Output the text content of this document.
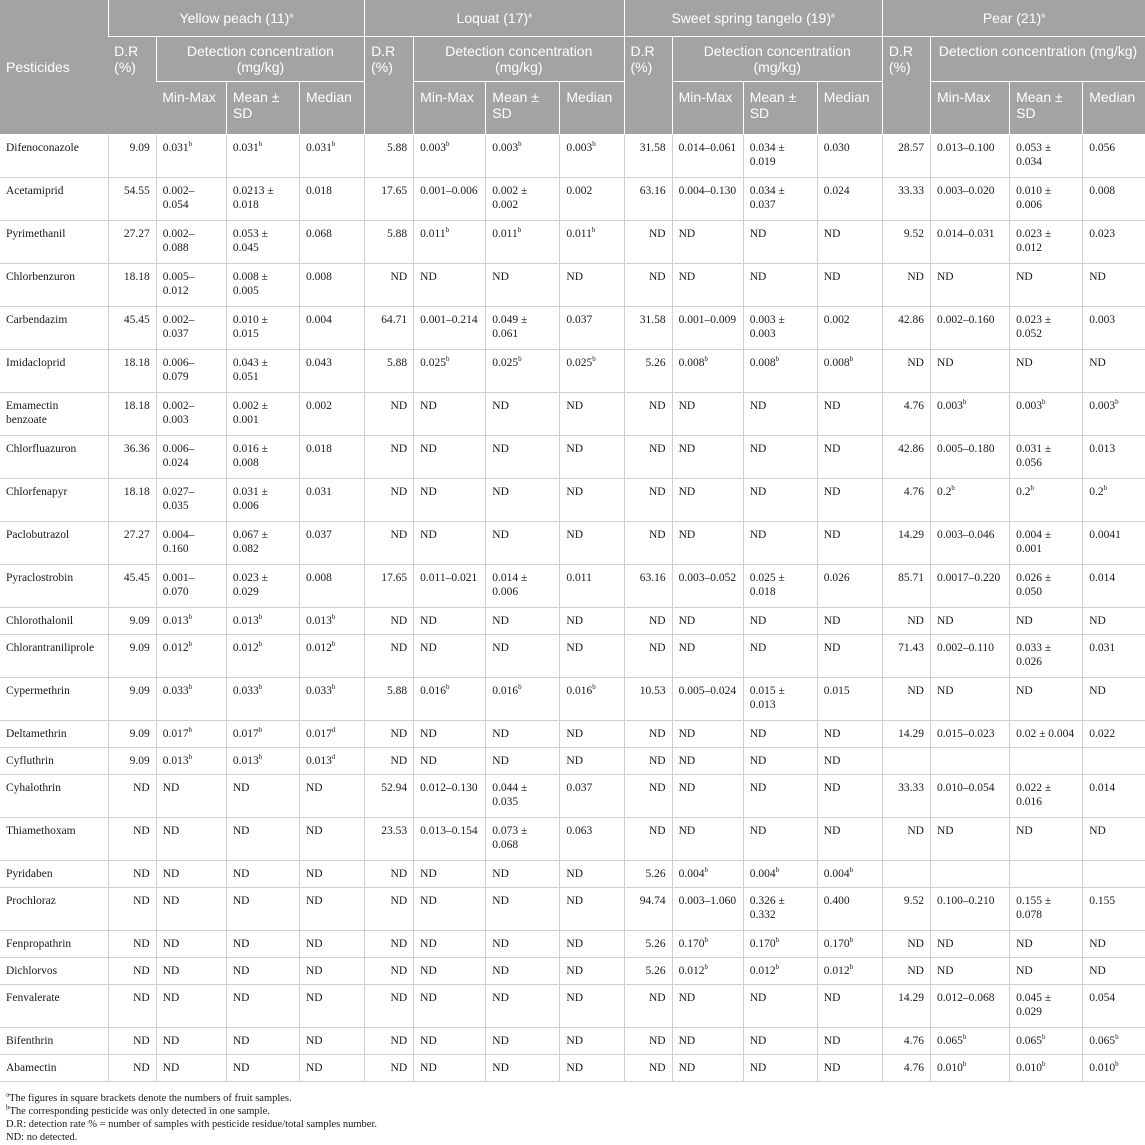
Pesticides	Yellow peach $(11)^a$				Loquat $(17)^a$				Sweet spring tangelo $(19)^a$				Pear $(21)^a$
	D.R (%)	Detection concentration (mg/kg)			D.R (%)	Detection concentration (mg/kg)			D.R (%)	Detection concentration (mg/kg)			D.R (%)	Detection concentration (mg/kg)		
		Min-Max	Mean ± SD	Median		Min-Max	Mean ± SD	Median		Min-Max	Mean ± SD	Median		Min-Max	Mean ± SD	Median
Difenoconazole	9.09	0.031$^b$	0.031$^b$	0.031$^b$	5.88	0.003$^b$	0.003$^b$	0.003$^b$	31.58	0.014–0.061	0.034 ± 0.019	0.030	28.57	0.013–0.100	0.053 ± 0.034	0.056
Acetamiprid	54.55	0.002–0.054	0.0213 ± 0.018	0.018	17.65	0.001–0.006	0.002 ± 0.002	0.002	63.16	0.004–0.130	0.034 ± 0.037	0.024	33.33	0.003–0.020	0.010 ± 0.006	0.008
Pyrimethanil	27.27	0.002–0.088	0.053 ± 0.045	0.068	5.88	0.011$^b$	0.011$^b$	0.011$^b$	ND	ND	ND	ND	9.52	0.014–0.031	0.023 ± 0.012	0.023
Chlorbenzuron	18.18	0.005–0.012	0.008 ± 0.005	0.008	ND	ND	ND	ND	ND	ND	ND	ND	ND	ND	ND	ND
Carbendazim	45.45	0.002–0.037	0.010 ± 0.015	0.004	64.71	0.001–0.214	0.049 ± 0.061	0.037	31.58	0.001–0.009	0.003 ± 0.003	0.002	42.86	0.002–0.160	0.023 ± 0.052	0.003
Imidacloprid	18.18	0.006–0.079	0.043 ± 0.051	0.043	5.88	0.025$^b$	0.025$^b$	0.025$^b$	5.26	0.008$^b$	0.008$^b$	0.008$^b$	ND	ND	ND	ND
Emamectin benzoate	18.18	0.002–0.003	0.002 ± 0.001	0.002	ND	ND	ND	ND	ND	ND	ND	ND	4.76	0.003$^b$	0.003$^b$	0.003$^b$
Chlorfluazuron	36.36	0.006–0.024	0.016 ± 0.008	0.018	ND	ND	ND	ND	ND	ND	ND	ND	42.86	0.005–0.180	0.031 ± 0.056	0.013
Chlorfenapyr	18.18	0.027–0.035	0.031 ± 0.006	0.031	ND	ND	ND	ND	ND	ND	ND	ND	4.76	0.2$^b$	0.2$^b$	0.2$^b$
Paclobutrazol	27.27	0.004–0.160	0.067 ± 0.082	0.037	ND	ND	ND	ND	ND	ND	ND	ND	14.29	0.003–0.046	0.004 ± 0.001	0.0041
Pyraclostrobin	45.45	0.001–0.070	0.023 ± 0.029	0.008	17.65	0.011–0.021	0.014 ± 0.006	0.011	63.16	0.003–0.052	0.025 ± 0.018	0.026	85.71	0.0017–0.220	0.026 ± 0.050	0.014
Chlorothalonil	9.09	0.013$^b$	0.013$^b$	0.013$^b$	ND	ND	ND	ND	ND	ND	ND	ND	ND	ND	ND	ND
Chlorantraniliprole	9.09	0.012$^b$	0.012$^b$	0.012$^b$	ND	ND	ND	ND	ND	ND	ND	ND	71.43	0.002–0.110	0.033 ± 0.026	0.031
Cypermethrin	9.09	0.033$^b$	0.033$^b$	0.033$^b$	5.88	0.016$^b$	0.016$^b$	0.016$^b$	10.53	0.005–0.024	0.015 ± 0.013	0.015	ND	ND	ND	ND
Deltamethrin	9.09	0.017$^b$	0.017$^b$	0.017$^d$	ND	ND	ND	ND	ND	ND	ND	ND	14.29	0.015–0.023	0.02 ± 0.004	0.022
Cyfluthrin	9.09	0.013$^b$	0.013$^b$	0.013$^d$	ND	ND	ND	ND	ND	ND	ND	ND				
Cyhalothrin	ND	ND	ND	ND	52.94	0.012–0.130	0.044 ± 0.035	0.037	ND	ND	ND	ND	33.33	0.010–0.054	0.022 ± 0.016	0.014
Thiamethoxam	ND	ND	ND	ND	23.53	0.013–0.154	0.073 ± 0.068	0.063	ND	ND	ND	ND	ND	ND	ND	ND
Pyridaben	ND	ND	ND	ND	ND	ND	ND	ND	5.26	0.004$^b$	0.004$^b$	0.004$^b$				
Prochloraz	ND	ND	ND	ND	ND	ND	ND	ND	94.74	0.003–1.060	0.326 ± 0.332	0.400	9.52	0.100–0.210	0.155 ± 0.078	0.155
Fenpropathrin	ND	ND	ND	ND	ND	ND	ND	ND	5.26	0.170$^b$	0.170$^b$	0.170$^b$	ND	ND	ND	ND
Dichlorvos	ND	ND	ND	ND	ND	ND	ND	ND	5.26	0.012$^b$	0.012$^b$	0.012$^b$	ND	ND	ND	ND
Fenvalerate	ND	ND	ND	ND	ND	ND	ND	ND	ND	ND	ND	ND	14.29	0.012–0.068	0.045 ± 0.029	0.054
Bifenthrin	ND	ND	ND	ND	ND	ND	ND	ND	ND	ND	ND	ND	4.76	0.065$^b$	0.065$^b$	0.065$^b$
Abamectin	ND	ND	ND	ND	ND	ND	ND	ND	ND	ND	ND	ND	4.76	0.010$^b$	0.010$^b$	0.010$^b$
$^a$The figures in square brackets denote the numbers of fruit samples.
$^b$The corresponding pesticide was only detected in one sample.
D.R: detection rate % = number of samples with pesticide residue/total samples number.
ND: no detected.
